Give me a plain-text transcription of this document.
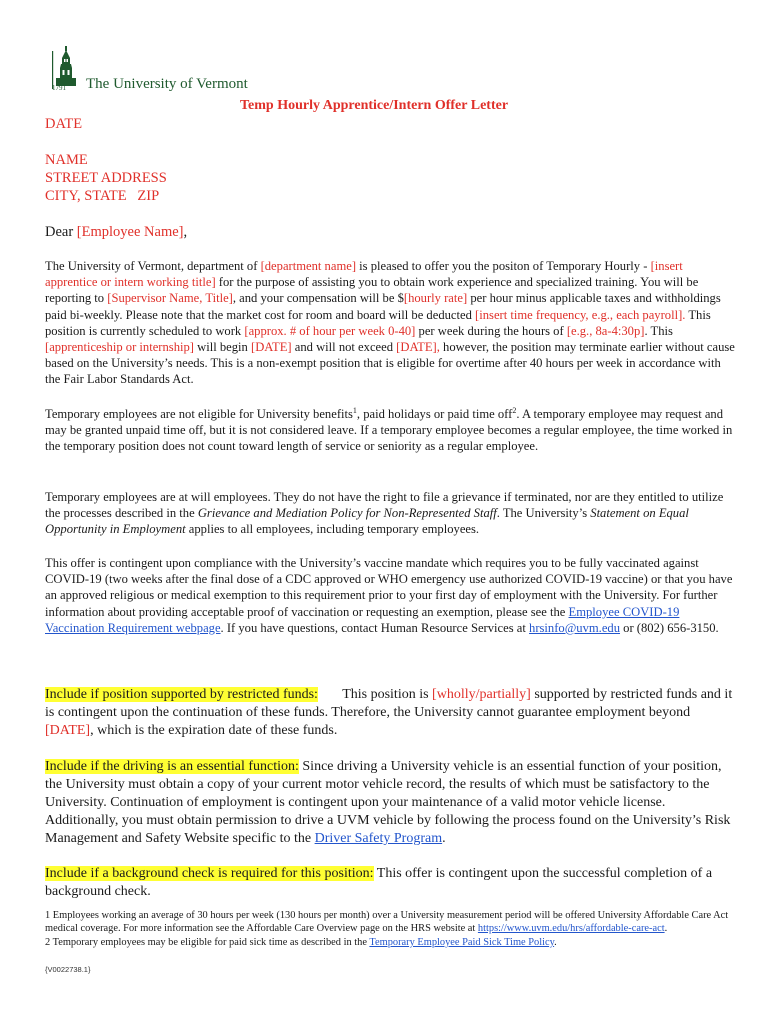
1791 The University of Vermont
Temp Hourly Apprentice/Intern Offer Letter
DATE
NAME
STREET ADDRESS
CITY, STATE   ZIP
Dear [Employee Name],
The University of Vermont, department of [department name] is pleased to offer you the positon of Temporary Hourly - [insert apprentice or intern working title] for the purpose of assisting you to obtain work experience and specialized training. You will be reporting to [Supervisor Name, Title], and your compensation will be $[hourly rate] per hour minus applicable taxes and withholdings paid bi-weekly. Please note that the market cost for room and board will be deducted [insert time frequency, e.g., each payroll]. This position is currently scheduled to work [approx. # of hour per week 0-40] per week during the hours of [e.g., 8a-4:30p]. This [apprenticeship or internship] will begin [DATE] and will not exceed [DATE], however, the position may terminate earlier without cause based on the University’s needs. This is a non-exempt position that is eligible for overtime after 40 hours per week in accordance with the Fair Labor Standards Act.
Temporary employees are not eligible for University benefits$^1$, paid holidays or paid time off$^2$. A temporary employee may request and may be granted unpaid time off, but it is not considered leave. If a temporary employee becomes a regular employee, the time worked in the temporary position does not count toward length of service or seniority as a regular employee.
Temporary employees are at will employees. They do not have the right to file a grievance if terminated, nor are they entitled to utilize the processes described in the Grievance and Mediation Policy for Non-Represented Staff. The University’s Statement on Equal Opportunity in Employment applies to all employees, including temporary employees.
This offer is contingent upon compliance with the University’s vaccine mandate which requires you to be fully vaccinated against COVID-19 (two weeks after the final dose of a CDC approved or WHO emergency use authorized COVID-19 vaccine) or that you have an approved religious or medical exemption to this requirement prior to your first day of employment with the University. For further information about providing acceptable proof of vaccination or requesting an exemption, please see the Employee COVID-19 Vaccination Requirement webpage. If you have questions, contact Human Resource Services at hrsinfo@uvm.edu or (802) 656-3150.
Include if position supported by restricted funds:       This position is [wholly/partially] supported by restricted funds and it is contingent upon the continuation of these funds. Therefore, the University cannot guarantee employment beyond [DATE], which is the expiration date of these funds.
Include if the driving is an essential function: Since driving a University vehicle is an essential function of your position, the University must obtain a copy of your current motor vehicle record, the results of which must be satisfactory to the University. Continuation of employment is contingent upon your maintenance of a valid motor vehicle license. Additionally, you must obtain permission to drive a UVM vehicle by following the process found on the University’s Risk Management and Safety Website specific to the Driver Safety Program.
Include if a background check is required for this position: This offer is contingent upon the successful completion of a background check.
1 Employees working an average of 30 hours per week (130 hours per month) over a University measurement period will be offered University Affordable Care Act medical coverage. For more information see the Affordable Care Overview page on the HRS website at https://www.uvm.edu/hrs/affordable-care-act.
2 Temporary employees may be eligible for paid sick time as described in the Temporary Employee Paid Sick Time Policy.
{V0022738.1}
